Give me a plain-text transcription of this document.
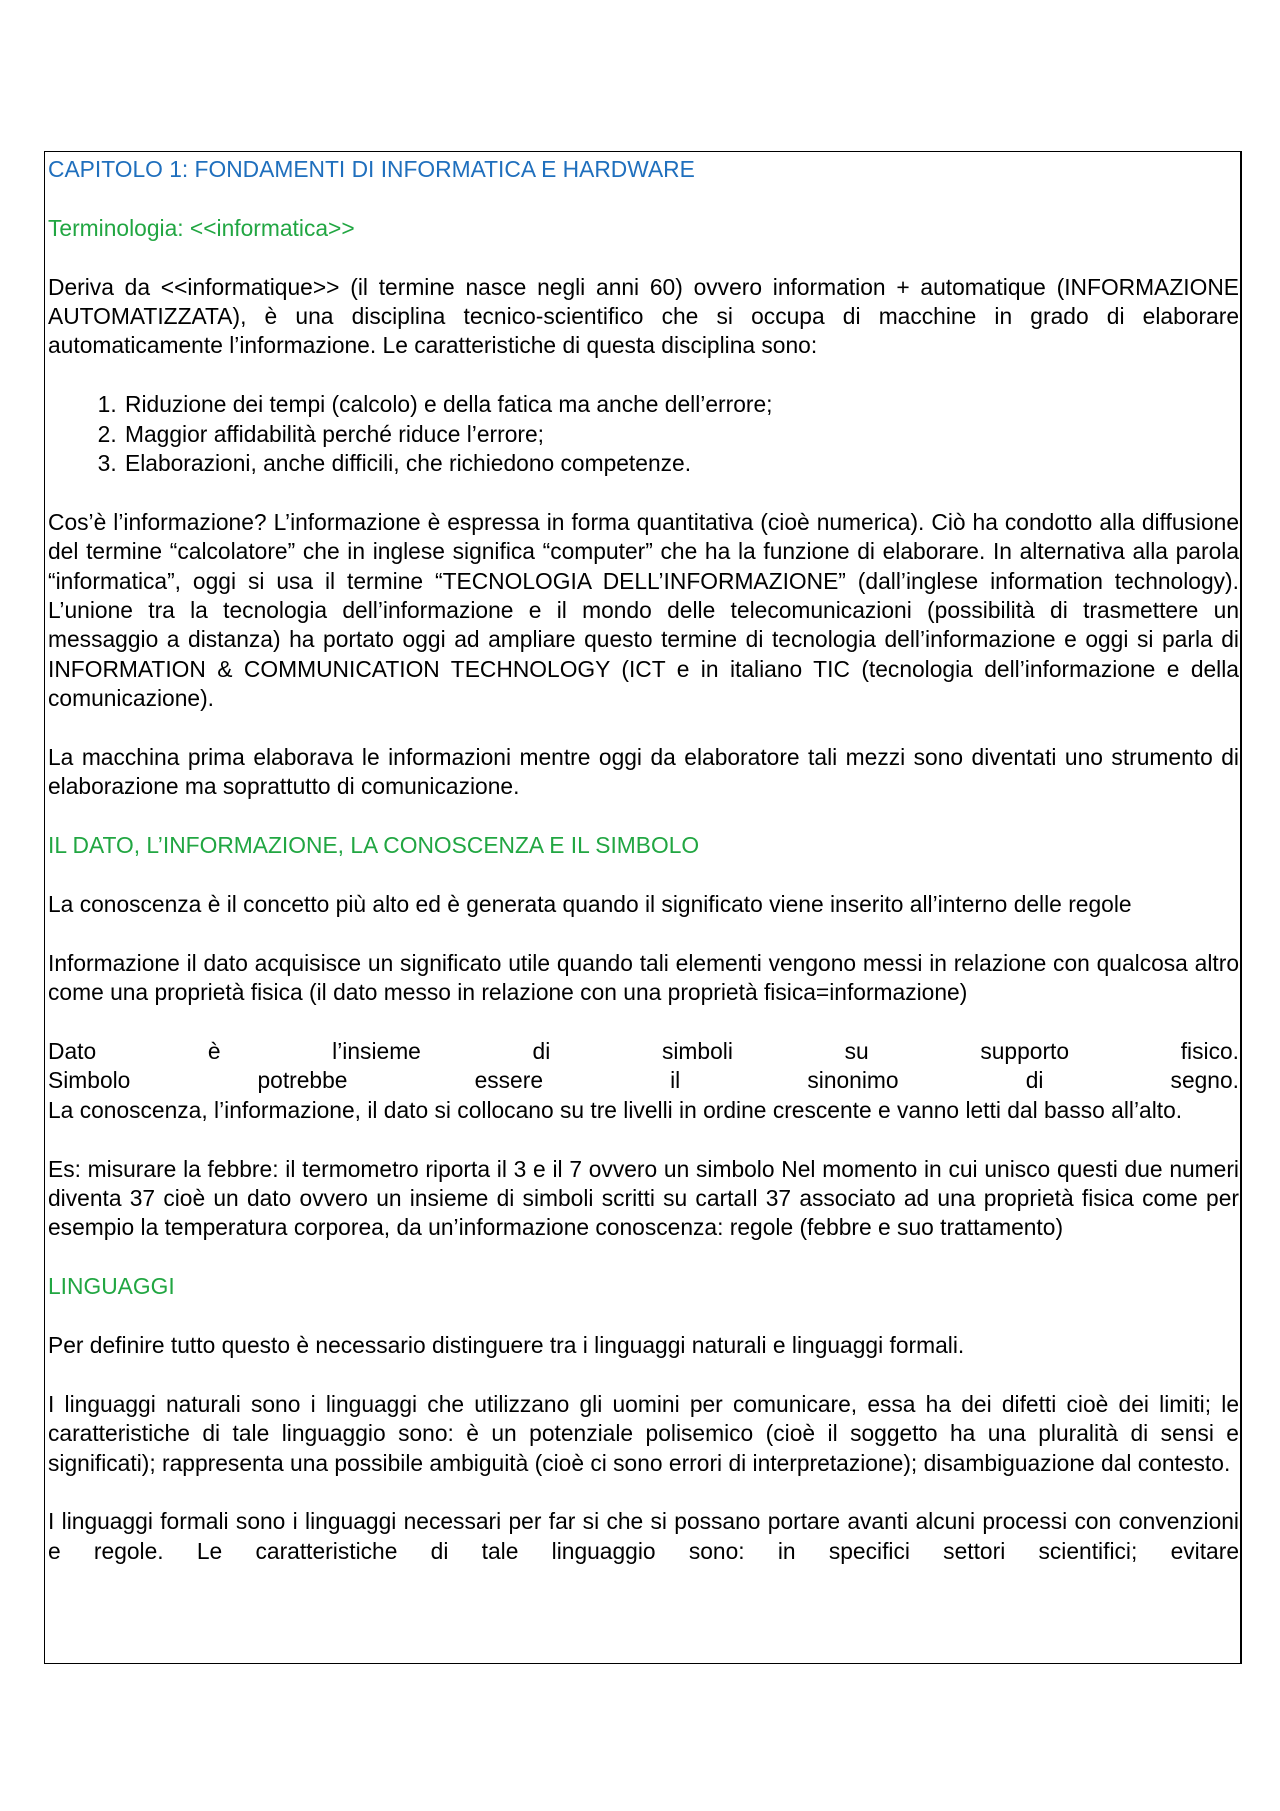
CAPITOLO 1: FONDAMENTI DI INFORMATICA E HARDWARE

Terminologia: <<informatica>>

Deriva da <<informatique>> (il termine nasce negli anni 60) ovvero information + automatique (INFORMAZIONE AUTOMATIZZATA), è una disciplina tecnico-scientifico che si occupa di macchine in grado di elaborare automaticamente l’informazione. Le caratteristiche di questa disciplina sono:

1. Riduzione dei tempi (calcolo) e della fatica ma anche dell’errore;
2. Maggior affidabilità perché riduce l’errore;
3. Elaborazioni, anche difficili, che richiedono competenze.

Cos’è l’informazione? L’informazione è espressa in forma quantitativa (cioè numerica). Ciò ha condotto alla diffusione del termine “calcolatore” che in inglese significa “computer” che ha la funzione di elaborare. In alternativa alla parola “informatica”, oggi si usa il termine “TECNOLOGIA DELL’INFORMAZIONE” (dall’inglese information technology). L’unione tra la tecnologia dell’informazione e il mondo delle telecomunicazioni (possibilità di trasmettere un messaggio a distanza) ha portato oggi ad ampliare questo termine di tecnologia dell’informazione e oggi si parla di INFORMATION & COMMUNICATION TECHNOLOGY (ICT e in italiano TIC (tecnologia dell’informazione e della comunicazione).

La macchina prima elaborava le informazioni mentre oggi da elaboratore tali mezzi sono diventati uno strumento di elaborazione ma soprattutto di comunicazione.

IL DATO, L’INFORMAZIONE, LA CONOSCENZA E IL SIMBOLO

La conoscenza è il concetto più alto ed è generata quando il significato viene inserito all’interno delle regole

Informazione il dato acquisisce un significato utile quando tali elementi vengono messi in relazione con qualcosa altro come una proprietà fisica (il dato messo in relazione con una proprietà fisica=informazione)

Dato è l’insieme di simboli su supporto fisico.

Simbolo potrebbe essere il sinonimo di segno.

La conoscenza, l’informazione, il dato si collocano su tre livelli in ordine crescente e vanno letti dal basso all’alto.

Es: misurare la febbre: il termometro riporta il 3 e il 7 ovvero un simbolo Nel momento in cui unisco questi due numeri diventa 37 cioè un dato ovvero un insieme di simboli scritti su cartaIl 37 associato ad una proprietà fisica come per esempio la temperatura corporea, da un’informazione conoscenza: regole (febbre e suo trattamento)

LINGUAGGI

Per definire tutto questo è necessario distinguere tra i linguaggi naturali e linguaggi formali.

I linguaggi naturali sono i linguaggi che utilizzano gli uomini per comunicare, essa ha dei difetti cioè dei limiti; le caratteristiche di tale linguaggio sono: è un potenziale polisemico (cioè il soggetto ha una pluralità di sensi e significati); rappresenta una possibile ambiguità (cioè ci sono errori di interpretazione); disambiguazione dal contesto.

I linguaggi formali sono i linguaggi necessari per far si che si possano portare avanti alcuni processi con convenzioni e regole. Le caratteristiche di tale linguaggio sono: in specifici settori scientifici; evitare
